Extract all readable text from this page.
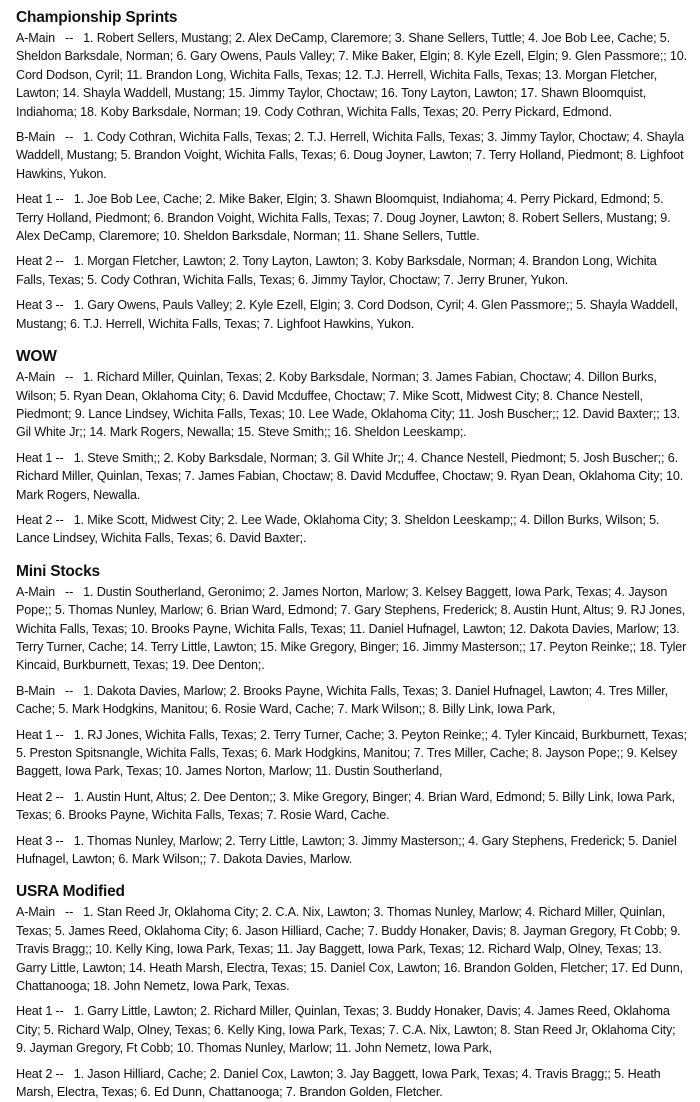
Championship Sprints

A-Main   --   1. Robert Sellers, Mustang; 2. Alex DeCamp, Claremore; 3. Shane Sellers, Tuttle; 4. Joe Bob Lee, Cache; 5. Sheldon Barksdale, Norman; 6. Gary Owens, Pauls Valley; 7. Mike Baker, Elgin; 8. Kyle Ezell, Elgin; 9. Glen Passmore;; 10. Cord Dodson, Cyril; 11. Brandon Long, Wichita Falls, Texas; 12. T.J. Herrell, Wichita Falls, Texas; 13. Morgan Fletcher, Lawton; 14. Shayla Waddell, Mustang; 15. Jimmy Taylor, Choctaw; 16. Tony Layton, Lawton; 17. Shawn Bloomquist, Indiahoma; 18. Koby Barksdale, Norman; 19. Cody Cothran, Wichita Falls, Texas; 20. Perry Pickard, Edmond.

B-Main   --   1. Cody Cothran, Wichita Falls, Texas; 2. T.J. Herrell, Wichita Falls, Texas; 3. Jimmy Taylor, Choctaw; 4. Shayla Waddell, Mustang; 5. Brandon Voight, Wichita Falls, Texas; 6. Doug Joyner, Lawton; 7. Terry Holland, Piedmont; 8. Lighfoot Hawkins, Yukon.

Heat 1 --   1. Joe Bob Lee, Cache; 2. Mike Baker, Elgin; 3. Shawn Bloomquist, Indiahoma; 4. Perry Pickard, Edmond; 5. Terry Holland, Piedmont; 6. Brandon Voight, Wichita Falls, Texas; 7. Doug Joyner, Lawton; 8. Robert Sellers, Mustang; 9. Alex DeCamp, Claremore; 10. Sheldon Barksdale, Norman; 11. Shane Sellers, Tuttle.

Heat 2 --   1. Morgan Fletcher, Lawton; 2. Tony Layton, Lawton; 3. Koby Barksdale, Norman; 4. Brandon Long, Wichita Falls, Texas; 5. Cody Cothran, Wichita Falls, Texas; 6. Jimmy Taylor, Choctaw; 7. Jerry Bruner, Yukon.

Heat 3 --   1. Gary Owens, Pauls Valley; 2. Kyle Ezell, Elgin; 3. Cord Dodson, Cyril; 4. Glen Passmore;; 5. Shayla Waddell, Mustang; 6. T.J. Herrell, Wichita Falls, Texas; 7. Lighfoot Hawkins, Yukon.

WOW

A-Main   --   1. Richard Miller, Quinlan, Texas; 2. Koby Barksdale, Norman; 3. James Fabian, Choctaw; 4. Dillon Burks, Wilson; 5. Ryan Dean, Oklahoma City; 6. David Mcduffee, Choctaw; 7. Mike Scott, Midwest City; 8. Chance Nestell, Piedmont; 9. Lance Lindsey, Wichita Falls, Texas; 10. Lee Wade, Oklahoma City; 11. Josh Buscher;; 12. David Baxter;; 13. Gil White Jr;; 14. Mark Rogers, Newalla; 15. Steve Smith;; 16. Sheldon Leeskamp;.

Heat 1 --   1. Steve Smith;; 2. Koby Barksdale, Norman; 3. Gil White Jr;; 4. Chance Nestell, Piedmont; 5. Josh Buscher;; 6. Richard Miller, Quinlan, Texas; 7. James Fabian, Choctaw; 8. David Mcduffee, Choctaw; 9. Ryan Dean, Oklahoma City; 10. Mark Rogers, Newalla.

Heat 2 --   1. Mike Scott, Midwest City; 2. Lee Wade, Oklahoma City; 3. Sheldon Leeskamp;; 4. Dillon Burks, Wilson; 5. Lance Lindsey, Wichita Falls, Texas; 6. David Baxter;.

Mini Stocks

A-Main   --   1. Dustin Southerland, Geronimo; 2. James Norton, Marlow; 3. Kelsey Baggett, Iowa Park, Texas; 4. Jayson Pope;; 5. Thomas Nunley, Marlow; 6. Brian Ward, Edmond; 7. Gary Stephens, Frederick; 8. Austin Hunt, Altus; 9. RJ Jones, Wichita Falls, Texas; 10. Brooks Payne, Wichita Falls, Texas; 11. Daniel Hufnagel, Lawton; 12. Dakota Davies, Marlow; 13. Terry Turner, Cache; 14. Terry Little, Lawton; 15. Mike Gregory, Binger; 16. Jimmy Masterson;; 17. Peyton Reinke;; 18. Tyler Kincaid, Burkburnett, Texas; 19. Dee Denton;.

B-Main   --   1. Dakota Davies, Marlow; 2. Brooks Payne, Wichita Falls, Texas; 3. Daniel Hufnagel, Lawton; 4. Tres Miller, Cache; 5. Mark Hodgkins, Manitou; 6. Rosie Ward, Cache; 7. Mark Wilson;; 8. Billy Link, Iowa Park,

Heat 1 --   1. RJ Jones, Wichita Falls, Texas; 2. Terry Turner, Cache; 3. Peyton Reinke;; 4. Tyler Kincaid, Burkburnett, Texas; 5. Preston Spitsnangle, Wichita Falls, Texas; 6. Mark Hodgkins, Manitou; 7. Tres Miller, Cache; 8. Jayson Pope;; 9. Kelsey Baggett, Iowa Park, Texas; 10. James Norton, Marlow; 11. Dustin Southerland,

Heat 2 --   1. Austin Hunt, Altus; 2. Dee Denton;; 3. Mike Gregory, Binger; 4. Brian Ward, Edmond; 5. Billy Link, Iowa Park, Texas; 6. Brooks Payne, Wichita Falls, Texas; 7. Rosie Ward, Cache.

Heat 3 --   1. Thomas Nunley, Marlow; 2. Terry Little, Lawton; 3. Jimmy Masterson;; 4. Gary Stephens, Frederick; 5. Daniel Hufnagel, Lawton; 6. Mark Wilson;; 7. Dakota Davies, Marlow.

USRA Modified

A-Main   --   1. Stan Reed Jr, Oklahoma City; 2. C.A. Nix, Lawton; 3. Thomas Nunley, Marlow; 4. Richard Miller, Quinlan, Texas; 5. James Reed, Oklahoma City; 6. Jason Hilliard, Cache; 7. Buddy Honaker, Davis; 8. Jayman Gregory, Ft Cobb; 9. Travis Bragg;; 10. Kelly King, Iowa Park, Texas; 11. Jay Baggett, Iowa Park, Texas; 12. Richard Walp, Olney, Texas; 13. Garry Little, Lawton; 14. Heath Marsh, Electra, Texas; 15. Daniel Cox, Lawton; 16. Brandon Golden, Fletcher; 17. Ed Dunn, Chattanooga; 18. John Nemetz, Iowa Park, Texas.

Heat 1 --   1. Garry Little, Lawton; 2. Richard Miller, Quinlan, Texas; 3. Buddy Honaker, Davis; 4. James Reed, Oklahoma City; 5. Richard Walp, Olney, Texas; 6. Kelly King, Iowa Park, Texas; 7. C.A. Nix, Lawton; 8. Stan Reed Jr, Oklahoma City; 9. Jayman Gregory, Ft Cobb; 10. Thomas Nunley, Marlow; 11. John Nemetz, Iowa Park,

Heat 2 --   1. Jason Hilliard, Cache; 2. Daniel Cox, Lawton; 3. Jay Baggett, Iowa Park, Texas; 4. Travis Bragg;; 5. Heath Marsh, Electra, Texas; 6. Ed Dunn, Chattanooga; 7. Brandon Golden, Fletcher.
